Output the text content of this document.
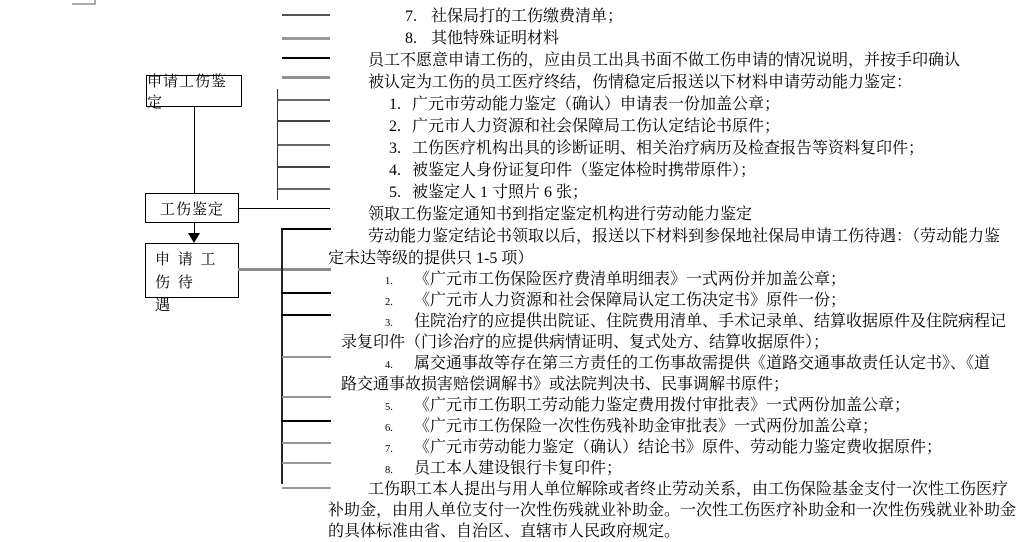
申请工伤鉴定
工伤鉴定
申 请 工 伤 待
遇
7. 社保局打的工伤缴费清单；
8. 其他特殊证明材料
员工不愿意申请工伤的，应由员工出具书面不做工伤申请的情况说明，并按手印确认
被认定为工伤的员工医疗终结，伤情稳定后报送以下材料申请劳动能力鉴定：
1. 广元市劳动能力鉴定（确认）申请表一份加盖公章；
2. 广元市人力资源和社会保障局工伤认定结论书原件；
3. 工伤医疗机构出具的诊断证明、相关治疗病历及检查报告等资料复印件；
4. 被鉴定人身份证复印件（鉴定体检时携带原件）；
5. 被鉴定人 1 寸照片 6 张；
领取工伤鉴定通知书到指定鉴定机构进行劳动能力鉴定
劳动能力鉴定结论书领取以后，报送以下材料到参保地社保局申请工伤待遇：（劳动能力鉴
定未达等级的提供只 1-5 项）
1. 《广元市工伤保险医疗费清单明细表》一式两份并加盖公章；
2. 《广元市人力资源和社会保障局认定工伤决定书》原件一份；
3. 住院治疗的应提供出院证、住院费用清单、手术记录单、结算收据原件及住院病程记
录复印件（门诊治疗的应提供病情证明、复式处方、结算收据原件）；
4. 属交通事故等存在第三方责任的工伤事故需提供《道路交通事故责任认定书》、《道
路交通事故损害赔偿调解书》或法院判决书、民事调解书原件；
5. 《广元市工伤职工劳动能力鉴定费用拨付审批表》一式两份加盖公章；
6. 《广元市工伤保险一次性伤残补助金审批表》一式两份加盖公章；
7. 《广元市劳动能力鉴定（确认）结论书》原件、劳动能力鉴定费收据原件；
8. 员工本人建设银行卡复印件；
工伤职工本人提出与用人单位解除或者终止劳动关系，由工伤保险基金支付一次性工伤医疗
补助金，由用人单位支付一次性伤残就业补助金。一次性工伤医疗补助金和一次性伤残就业补助金
的具体标准由省、自治区、直辖市人民政府规定。
